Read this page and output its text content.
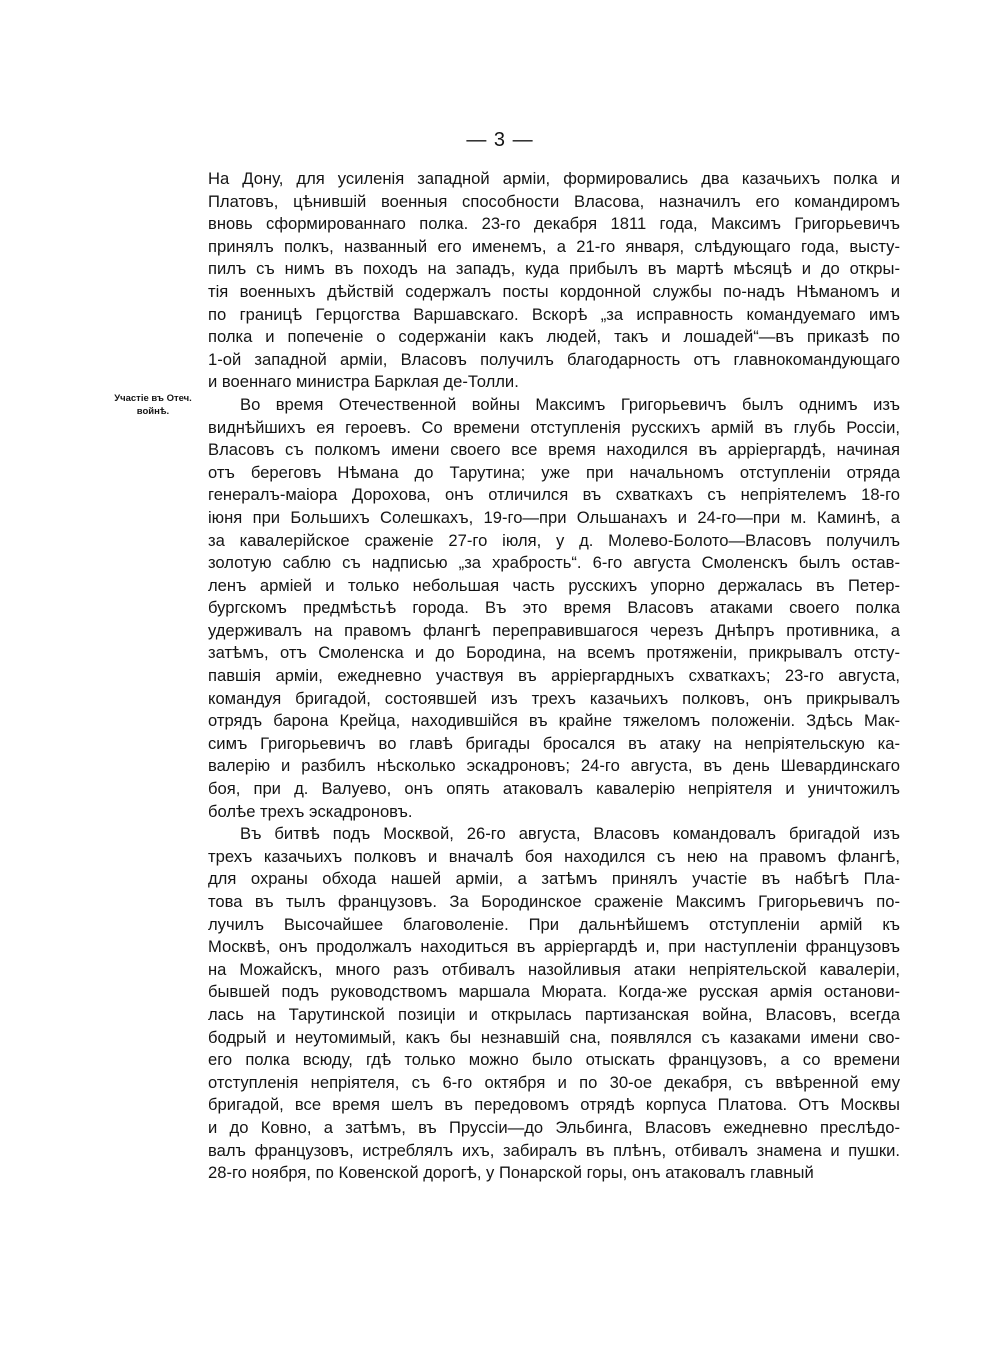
— 3 —
Участіе въ Отеч.
войнѣ.
На Дону, для усиленія западной арміи, формировались два казачьихъ полка и
Платовъ, цѣнившій военныя способности Власова, назначилъ его командиромъ
вновь сформированнаго полка. 23-го декабря 1811 года, Максимъ Григорьевичъ
принялъ полкъ, названный его именемъ, а 21-го января, слѣдующаго года, высту-
пилъ съ нимъ въ походъ на западъ, куда прибылъ въ мартѣ мѣсяцѣ и до откры-
тія военныхъ дѣйствій содержалъ посты кордонной службы по-надъ Нѣманомъ и
по границѣ Герцогства Варшавскаго. Вскорѣ „за исправность командуемаго имъ
полка и попеченіе о содержаніи какъ людей, такъ и лошадей“—въ приказѣ по
1-ой западной арміи, Власовъ получилъ благодарность отъ главнокомандующаго
и военнаго министра Барклая де-Толли.
Во время Отечественной войны Максимъ Григорьевичъ былъ однимъ изъ
виднѣйшихъ ея героевъ. Со времени отступленія русскихъ армій въ глубь Россіи,
Власовъ съ полкомъ имени своего все время находился въ арріергардѣ, начиная
отъ береговъ Нѣмана до Тарутина; уже при начальномъ отступленіи отряда
генералъ-маіора Дорохова, онъ отличился въ схваткахъ съ непріятелемъ 18-го
іюня при Большихъ Солешкахъ, 19-го—при Ольшанахъ и 24-го—при м. Каминѣ, а
за кавалерійское сраженіе 27-го іюля, у д. Молево-Болото—Власовъ получилъ
золотую саблю съ надписью „за храбрость“. 6-го августа Смоленскъ былъ остав-
ленъ арміей и только небольшая часть русскихъ упорно держалась въ Петер-
бургскомъ предмѣстьѣ города. Въ это время Власовъ атаками своего полка
удерживалъ на правомъ флангѣ переправившагося черезъ Днѣпръ противника, а
затѣмъ, отъ Смоленска и до Бородина, на всемъ протяженіи, прикрывалъ отсту-
павшія арміи, ежедневно участвуя въ арріергардныхъ схваткахъ; 23-го августа,
командуя бригадой, состоявшей изъ трехъ казачьихъ полковъ, онъ прикрывалъ
отрядъ барона Крейца, находившійся въ крайне тяжеломъ положеніи. Здѣсь Мак-
симъ Григорьевичъ во главѣ бригады бросался въ атаку на непріятельскую ка-
валерію и разбилъ нѣсколько эскадроновъ; 24-го августа, въ день Шевардинскаго
боя, при д. Валуево, онъ опять атаковалъ кавалерію непріятеля и уничтожилъ
болѣе трехъ эскадроновъ.
Въ битвѣ подъ Москвой, 26-го августа, Власовъ командовалъ бригадой изъ
трехъ казачьихъ полковъ и вначалѣ боя находился съ нею на правомъ флангѣ,
для охраны обхода нашей арміи, а затѣмъ принялъ участіе въ набѣгѣ Пла-
това въ тылъ французовъ. За Бородинское сраженіе Максимъ Григорьевичъ по-
лучилъ Высочайшее благоволеніе. При дальнѣйшемъ отступленіи армій къ
Москвѣ, онъ продолжалъ находиться въ арріергардѣ и, при наступленіи французовъ
на Можайскъ, много разъ отбивалъ назойливыя атаки непріятельской кавалеріи,
бывшей подъ руководствомъ маршала Мюрата. Когда-же русская армія останови-
лась на Тарутинской позиціи и открылась партизанская война, Власовъ, всегда
бодрый и неутомимый, какъ бы незнавшій сна, появлялся съ казаками имени сво-
его полка всюду, гдѣ только можно было отыскать французовъ, а со времени
отступленія непріятеля, съ 6-го октября и по 30-ое декабря, съ ввѣренной ему
бригадой, все время шелъ въ передовомъ отрядѣ корпуса Платова. Отъ Москвы
и до Ковно, а затѣмъ, въ Пруссіи—до Эльбинга, Власовъ ежедневно преслѣдо-
валъ французовъ, истреблялъ ихъ, забиралъ въ плѣнъ, отбивалъ знамена и пушки.
28-го ноября, по Ковенской дорогѣ, у Понарской горы, онъ атаковалъ главный
